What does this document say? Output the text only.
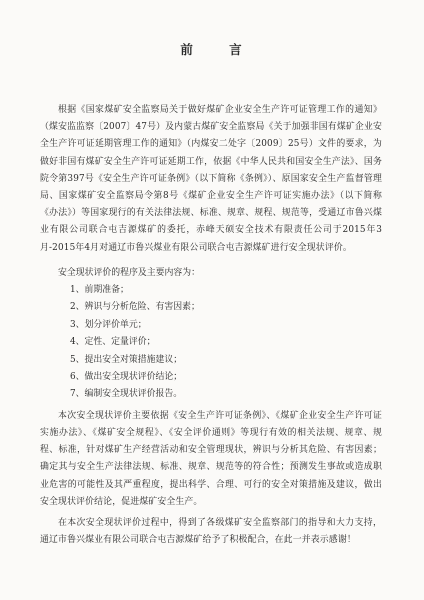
前 言

根据《国家煤矿安全监察局关于做好煤矿企业安全生产许可证管理工作的通知》（煤安监监察〔2007〕47号）及内蒙古煤矿安全监察局《关于加强非国有煤矿企业安全生产许可证延期管理工作的通知》（内煤安二处字〔2009〕25号）文件的要求，为做好非国有煤矿安全生产许可证延期工作，依据《中华人民共和国安全生产法》、国务院令第397号《安全生产许可证条例》（以下简称《条例》）、原国家安全生产监督管理局、国家煤矿安全监察局令第8号《煤矿企业安全生产许可证实施办法》（以下简称《办法》）等国家现行的有关法律法规、标准、规章、规程、规范等，受通辽市鲁兴煤业有限公司联合屯吉源煤矿的委托，赤峰天硕安全技术有限责任公司于2015年3月-2015年4月对通辽市鲁兴煤业有限公司联合屯吉源煤矿进行安全现状评价。

安全现状评价的程序及主要内容为：

1、前期准备；
2、辨识与分析危险、有害因素；
3、划分评价单元；
4、定性、定量评价；
5、提出安全对策措施建议；
6、做出安全现状评价结论；
7、编制安全现状评价报告。

本次安全现状评价主要依据《安全生产许可证条例》、《煤矿企业安全生产许可证实施办法》、《煤矿安全规程》、《安全评价通则》等现行有效的相关法规、规章、规程、标准，针对煤矿生产经营活动和安全管理现状，辨识与分析其危险、有害因素；确定其与安全生产法律法规、标准、规章、规范等的符合性；预测发生事故或造成职业危害的可能性及其严重程度，提出科学、合理、可行的安全对策措施及建议，做出安全现状评价结论，促进煤矿安全生产。

在本次安全现状评价过程中，得到了各级煤矿安全监察部门的指导和大力支持，通辽市鲁兴煤业有限公司联合屯吉源煤矿给予了积极配合，在此一并表示感谢！
